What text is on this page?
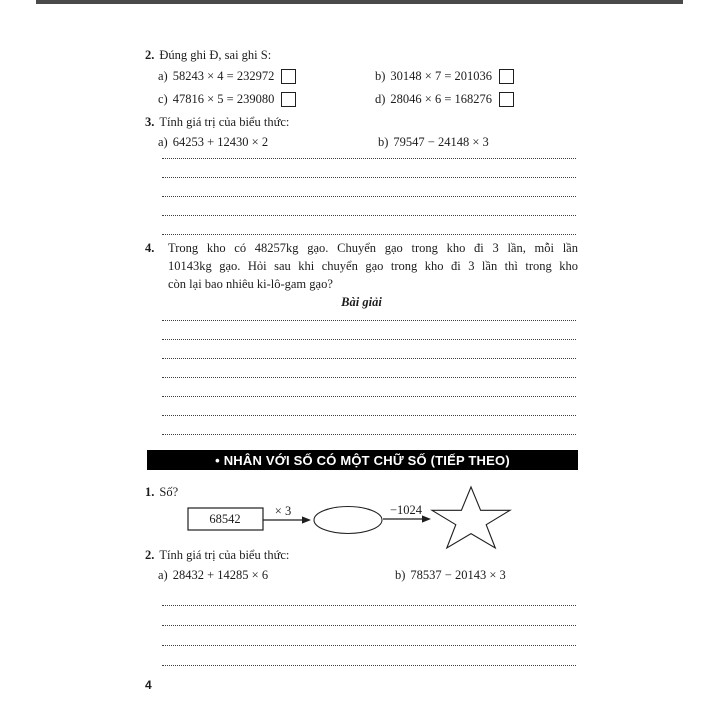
2. Đúng ghi Đ, sai ghi S:
a) 58243 × 4 = 232972	b) 30148 × 7 = 201036
c) 47816 × 5 = 239080	d) 28046 × 6 = 168276
3. Tính giá trị của biểu thức:
a) 64253 + 12430 × 2	b) 79547 − 24148 × 3
4. Trong kho có 48257kg gạo. Chuyển gạo trong kho đi 3 lần, mỗi lần
10143kg gạo. Hỏi sau khi chuyển gạo trong kho đi 3 lần thì trong kho
còn lại bao nhiêu ki-lô-gam gạo?
Bài giải
• NHÂN VỚI SỐ CÓ MỘT CHỮ SỐ (TIẾP THEO)
1. Số?
68542
× 3	−1024
2. Tính giá trị của biểu thức:
a) 28432 + 14285 × 6	b) 78537 − 20143 × 3
4
